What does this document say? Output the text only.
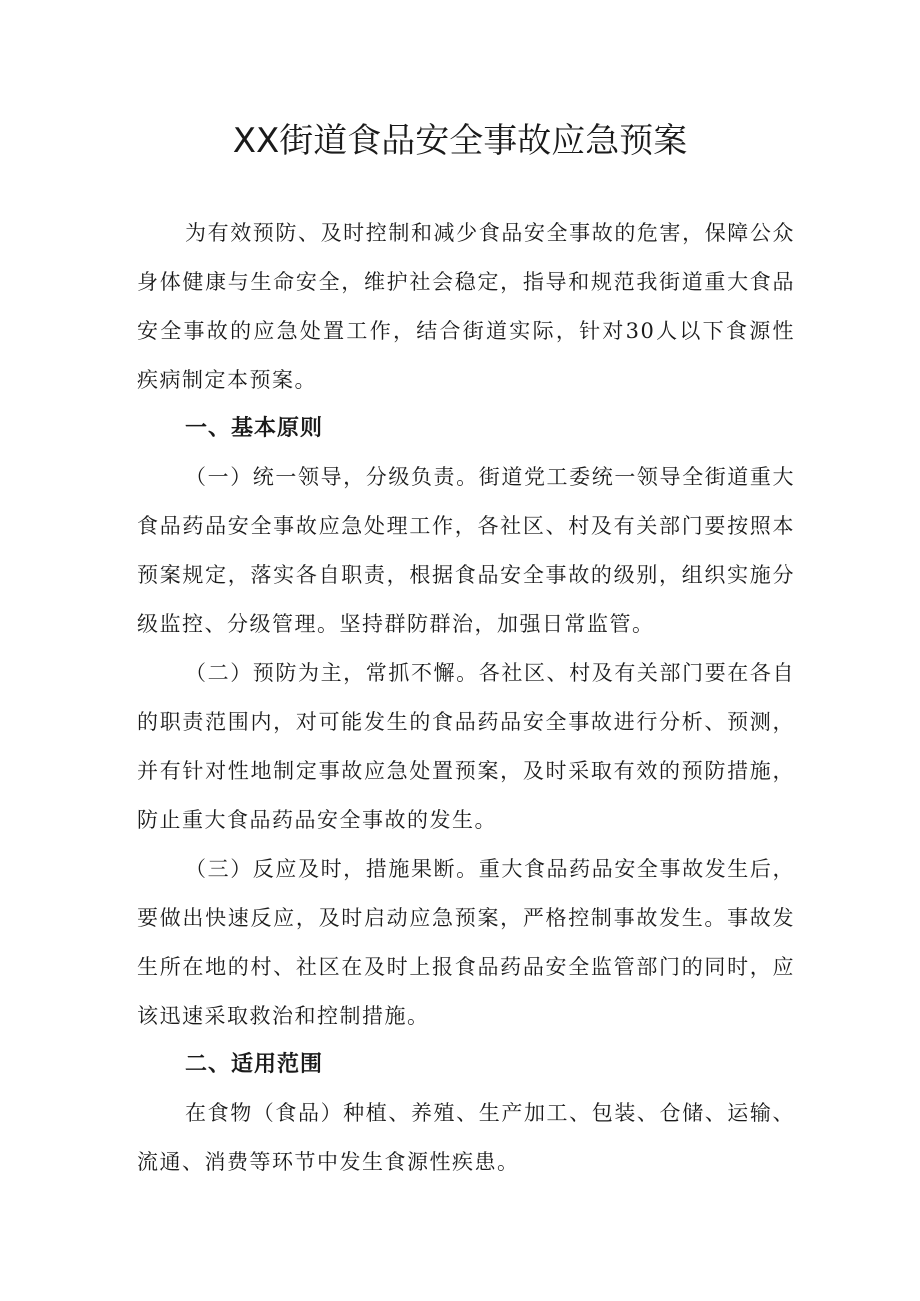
XX街道食品安全事故应急预案

为有效预防、及时控制和减少食品安全事故的危害，保障公众身体健康与生命安全，维护社会稳定，指导和规范我街道重大食品安全事故的应急处置工作，结合街道实际，针对30人以下食源性疾病制定本预案。

一、基本原则

（一）统一领导，分级负责。街道党工委统一领导全街道重大食品药品安全事故应急处理工作，各社区、村及有关部门要按照本预案规定，落实各自职责，根据食品安全事故的级别，组织实施分级监控、分级管理。坚持群防群治，加强日常监管。

（二）预防为主，常抓不懈。各社区、村及有关部门要在各自的职责范围内，对可能发生的食品药品安全事故进行分析、预测，并有针对性地制定事故应急处置预案，及时采取有效的预防措施，防止重大食品药品安全事故的发生。

（三）反应及时，措施果断。重大食品药品安全事故发生后，要做出快速反应，及时启动应急预案，严格控制事故发生。事故发生所在地的村、社区在及时上报食品药品安全监管部门的同时，应该迅速采取救治和控制措施。

二、适用范围

在食物（食品）种植、养殖、生产加工、包装、仓储、运输、流通、消费等环节中发生食源性疾患。
